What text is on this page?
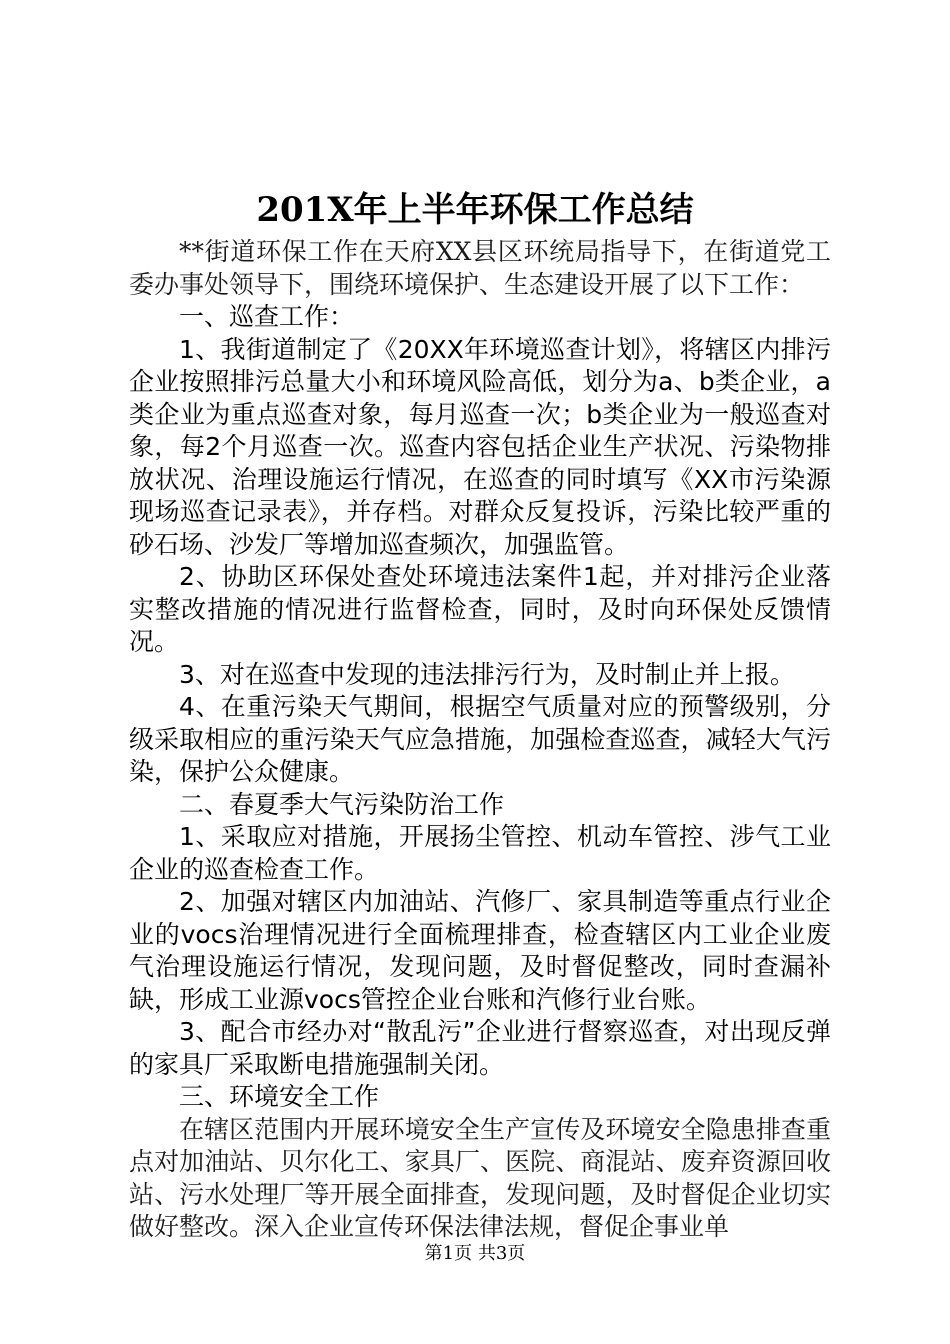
201X年上半年环保工作总结

**街道环保工作在天府XX县区环统局指导下，在街道党工委办事处领导下，围绕环境保护、生态建设开展了以下工作：

一、巡查工作：

1、我街道制定了《20XX年环境巡查计划》，将辖区内排污企业按照排污总量大小和环境风险高低，划分为a、b类企业，a类企业为重点巡查对象，每月巡查一次；b类企业为一般巡查对象，每2个月巡查一次。巡查内容包括企业生产状况、污染物排放状况、治理设施运行情况，在巡查的同时填写《XX市污染源现场巡查记录表》，并存档。对群众反复投诉，污染比较严重的砂石场、沙发厂等增加巡查频次，加强监管。

2、协助区环保处查处环境违法案件1起，并对排污企业落实整改措施的情况进行监督检查，同时，及时向环保处反馈情况。

3、对在巡查中发现的违法排污行为，及时制止并上报。

4、在重污染天气期间，根据空气质量对应的预警级别，分级采取相应的重污染天气应急措施，加强检查巡查，减轻大气污染，保护公众健康。

二、春夏季大气污染防治工作

1、采取应对措施，开展扬尘管控、机动车管控、涉气工业企业的巡查检查工作。

2、加强对辖区内加油站、汽修厂、家具制造等重点行业企业的vocs治理情况进行全面梳理排查，检查辖区内工业企业废气治理设施运行情况，发现问题，及时督促整改，同时查漏补缺，形成工业源vocs管控企业台账和汽修行业台账。

3、配合市经办对“散乱污”企业进行督察巡查，对出现反弹的家具厂采取断电措施强制关闭。

三、环境安全工作

在辖区范围内开展环境安全生产宣传及环境安全隐患排查重点对加油站、贝尔化工、家具厂、医院、商混站、废弃资源回收站、污水处理厂等开展全面排查，发现问题，及时督促企业切实做好整改。深入企业宣传环保法律法规，督促企事业单

第1页 共3页
